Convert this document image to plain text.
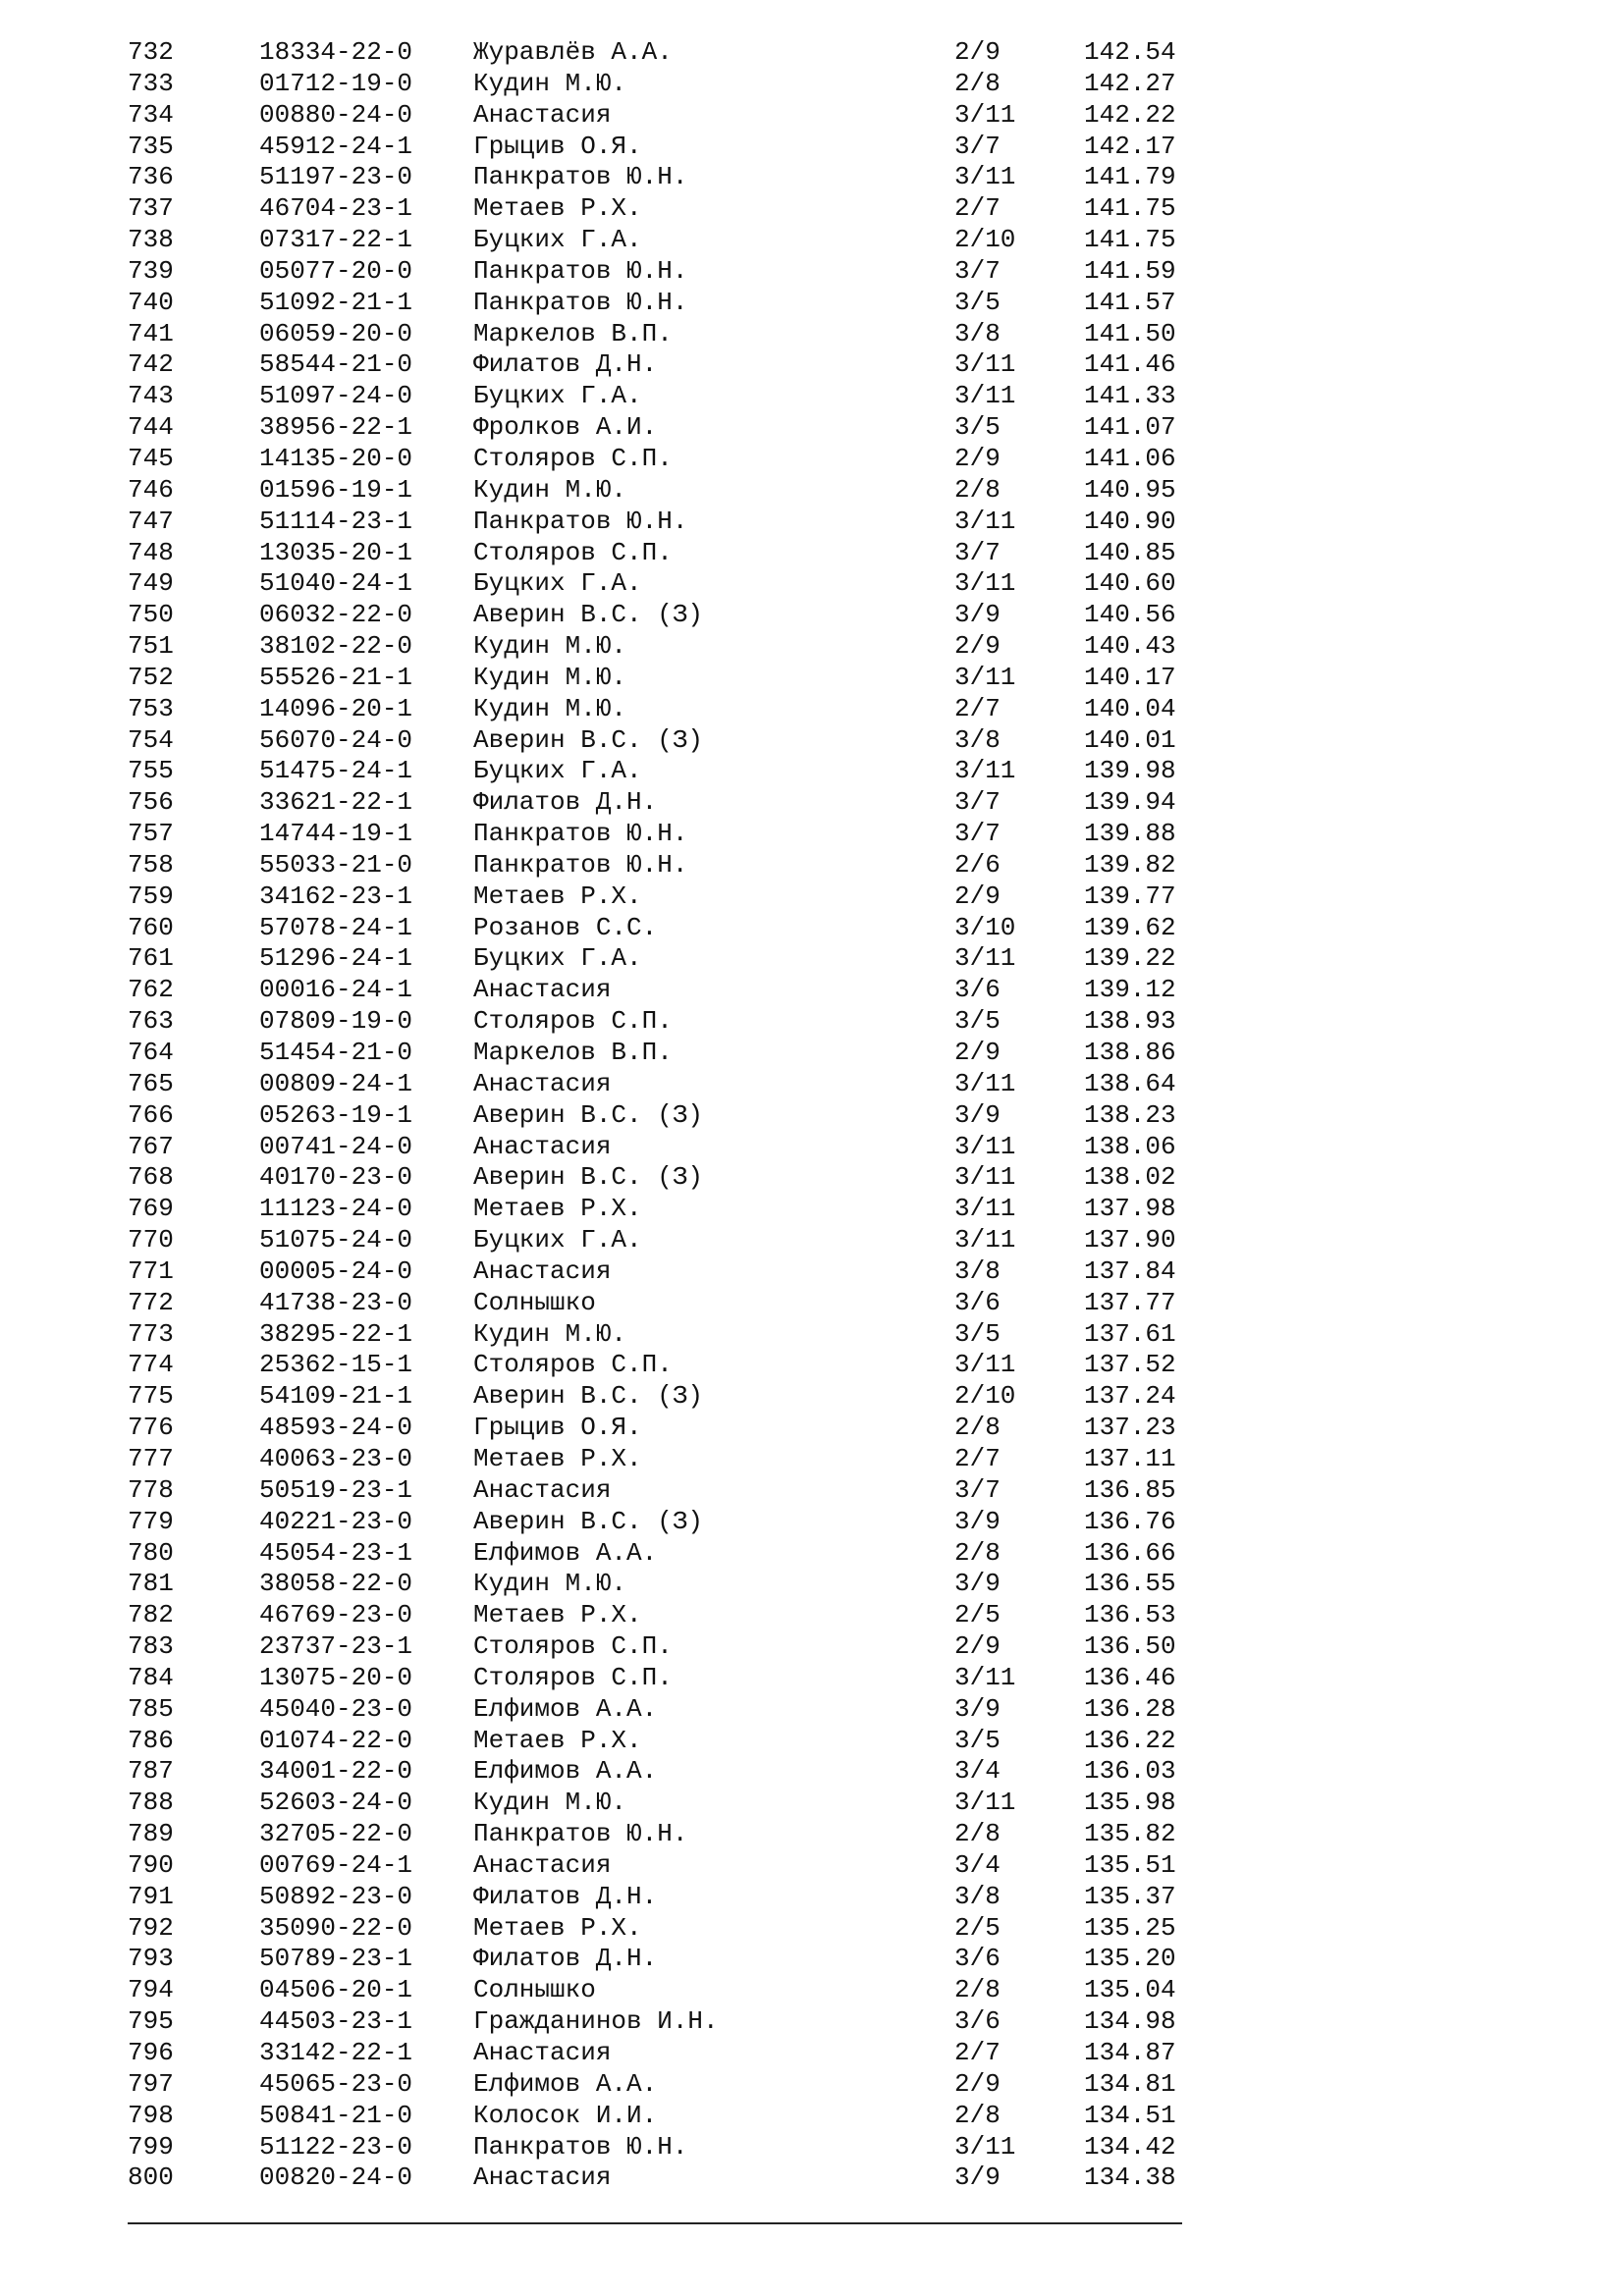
732	18334-22-0 Журавлёв А.А.	2/9	142.54
733	01712-19-0 Кудин М.Ю.	2/8	142.27
734	00880-24-0 Анастасия	3/11	142.22
735	45912-24-1 Грыцив О.Я.	3/7	142.17
736	51197-23-0 Панкратов Ю.Н.	3/11	141.79
737	46704-23-1 Метаев Р.Х.	2/7	141.75
738	07317-22-1 Буцких Г.А.	2/10	141.75
739	05077-20-0 Панкратов Ю.Н.	3/7	141.59
740	51092-21-1 Панкратов Ю.Н.	3/5	141.57
741	06059-20-0 Маркелов В.П.	3/8	141.50
742	58544-21-0 Филатов Д.Н.	3/11	141.46
743	51097-24-0 Буцких Г.А.	3/11	141.33
744	38956-22-1 Фролков А.И.	3/5	141.07
745	14135-20-0 Столяров С.П.	2/9	141.06
746	01596-19-1 Кудин М.Ю.	2/8	140.95
747	51114-23-1 Панкратов Ю.Н.	3/11	140.90
748	13035-20-1 Столяров С.П.	3/7	140.85
749	51040-24-1 Буцких Г.А.	3/11	140.60
750	06032-22-0 Аверин В.С. (З)	3/9	140.56
751	38102-22-0 Кудин М.Ю.	2/9	140.43
752	55526-21-1 Кудин М.Ю.	3/11	140.17
753	14096-20-1 Кудин М.Ю.	2/7	140.04
754	56070-24-0 Аверин В.С. (З)	3/8	140.01
755	51475-24-1 Буцких Г.А.	3/11	139.98
756	33621-22-1 Филатов Д.Н.	3/7	139.94
757	14744-19-1 Панкратов Ю.Н.	3/7	139.88
758	55033-21-0 Панкратов Ю.Н.	2/6	139.82
759	34162-23-1 Метаев Р.Х.	2/9	139.77
760	57078-24-1 Розанов С.С.	3/10	139.62
761	51296-24-1 Буцких Г.А.	3/11	139.22
762	00016-24-1 Анастасия	3/6	139.12
763	07809-19-0 Столяров С.П.	3/5	138.93
764	51454-21-0 Маркелов В.П.	2/9	138.86
765	00809-24-1 Анастасия	3/11	138.64
766	05263-19-1 Аверин В.С. (З)	3/9	138.23
767	00741-24-0 Анастасия	3/11	138.06
768	40170-23-0 Аверин В.С. (З)	3/11	138.02
769	11123-24-0 Метаев Р.Х.	3/11	137.98
770	51075-24-0 Буцких Г.А.	3/11	137.90
771	00005-24-0 Анастасия	3/8	137.84
772	41738-23-0 Солнышко	3/6	137.77
773	38295-22-1 Кудин М.Ю.	3/5	137.61
774	25362-15-1 Столяров С.П.	3/11	137.52
775	54109-21-1 Аверин В.С. (З)	2/10	137.24
776	48593-24-0 Грыцив О.Я.	2/8	137.23
777	40063-23-0 Метаев Р.Х.	2/7	137.11
778	50519-23-1 Анастасия	3/7	136.85
779	40221-23-0 Аверин В.С. (З)	3/9	136.76
780	45054-23-1 Елфимов А.А.	2/8	136.66
781	38058-22-0 Кудин М.Ю.	3/9	136.55
782	46769-23-0 Метаев Р.Х.	2/5	136.53
783	23737-23-1 Столяров С.П.	2/9	136.50
784	13075-20-0 Столяров С.П.	3/11	136.46
785	45040-23-0 Елфимов А.А.	3/9	136.28
786	01074-22-0 Метаев Р.Х.	3/5	136.22
787	34001-22-0 Елфимов А.А.	3/4	136.03
788	52603-24-0 Кудин М.Ю.	3/11	135.98
789	32705-22-0 Панкратов Ю.Н.	2/8	135.82
790	00769-24-1 Анастасия	3/4	135.51
791	50892-23-0 Филатов Д.Н.	3/8	135.37
792	35090-22-0 Метаев Р.Х.	2/5	135.25
793	50789-23-1 Филатов Д.Н.	3/6	135.20
794	04506-20-1 Солнышко	2/8	135.04
795	44503-23-1 Гражданинов И.Н.	3/6	134.98
796	33142-22-1 Анастасия	2/7	134.87
797	45065-23-0 Елфимов А.А.	2/9	134.81
798	50841-21-0 Колосок И.И.	2/8	134.51
799	51122-23-0 Панкратов Ю.Н.	3/11	134.42
800	00820-24-0 Анастасия	3/9	134.38
